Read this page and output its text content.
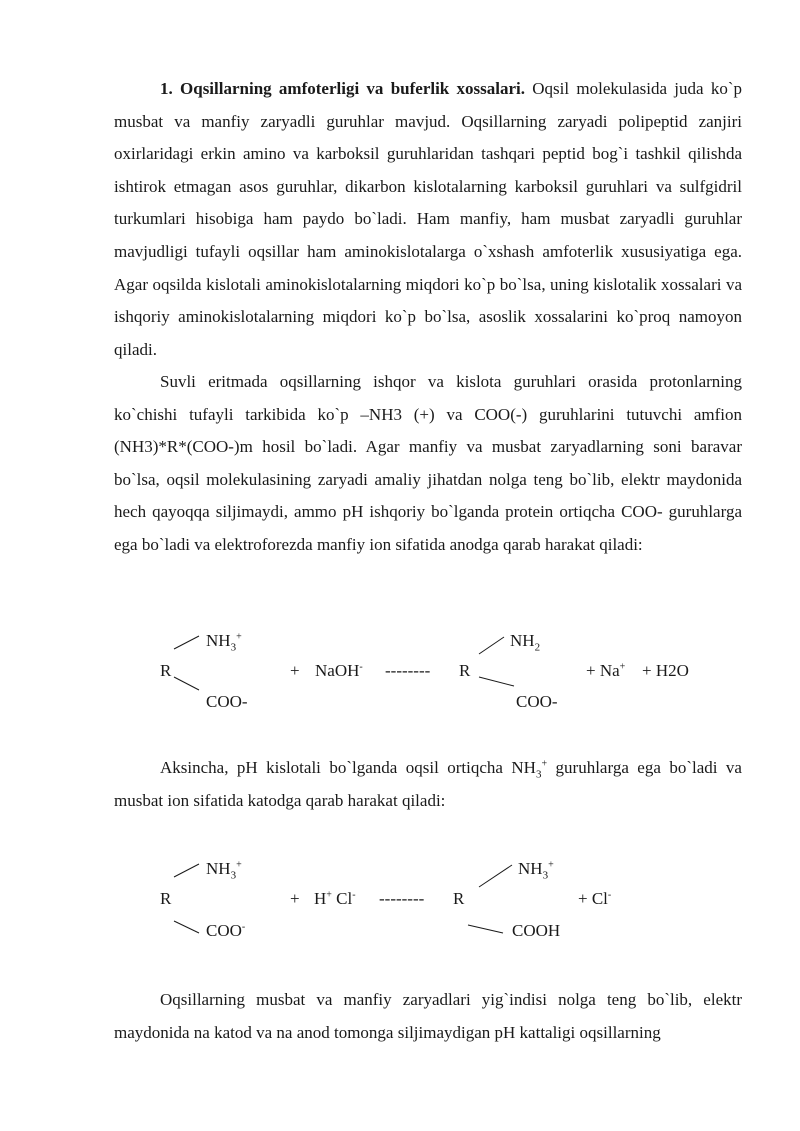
1. Oqsillarning amfoterligi va buferlik xossalari. Oqsil molekulasida juda ko`p musbat va manfiy zaryadli guruhlar mavjud. Oqsillarning zaryadi polipeptid zanjiri oxirlaridagi erkin amino va karboksil guruhlaridan tashqari peptid bog`i tashkil qilishda ishtirok etmagan asos guruhlar, dikarbon kislotalarning karboksil guruhlari va sulfgidril turkumlari hisobiga ham paydo bo`ladi. Ham manfiy, ham musbat zaryadli guruhlar mavjudligi tufayli oqsillar ham aminokislotalarga o`xshash amfoterlik xususiyatiga ega. Agar oqsilda kislotali aminokislotalarning miqdori ko`p bo`lsa, uning kislotalik xossalari va ishqoriy aminokislotalarning miqdori ko`p bo`lsa, asoslik xossalarini ko`proq namoyon qiladi.

Suvli eritmada oqsillarning ishqor va kislota guruhlari orasida protonlarning ko`chishi tufayli tarkibida ko`p –NH3 (+) va COO(-) guruhlarini tutuvchi amfion (NH3)*R*(COO-)m hosil bo`ladi. Agar manfiy va musbat zaryadlarning soni baravar bo`lsa, oqsil molekulasining zaryadi amaliy jihatdan nolga teng bo`lib, elektr maydonida hech qayoqqa siljimaydi, ammo pH ishqoriy bo`lganda protein ortiqcha COO- guruhlarga ega bo`ladi va elektroforezda manfiy ion sifatida anodga qarab harakat qiladi:

$NH_3^+$
R
COO-
+ NaOH- -------- R
$NH_2$
COO-
+ Na+ + H2O

Aksincha, pH kislotali bo`lganda oqsil ortiqcha $NH_3^+$ guruhlarga ega bo`ladi va musbat ion sifatida katodga qarab harakat qiladi:

$NH_3^+$
R
COO-
+ H+ Cl- -------- R
$NH_3^+$
COOH
+ Cl-

Oqsillarning musbat va manfiy zaryadlari yig`indisi nolga teng bo`lib, elektr maydonida na katod va na anod tomonga siljimaydigan pH kattaligi oqsillarning
